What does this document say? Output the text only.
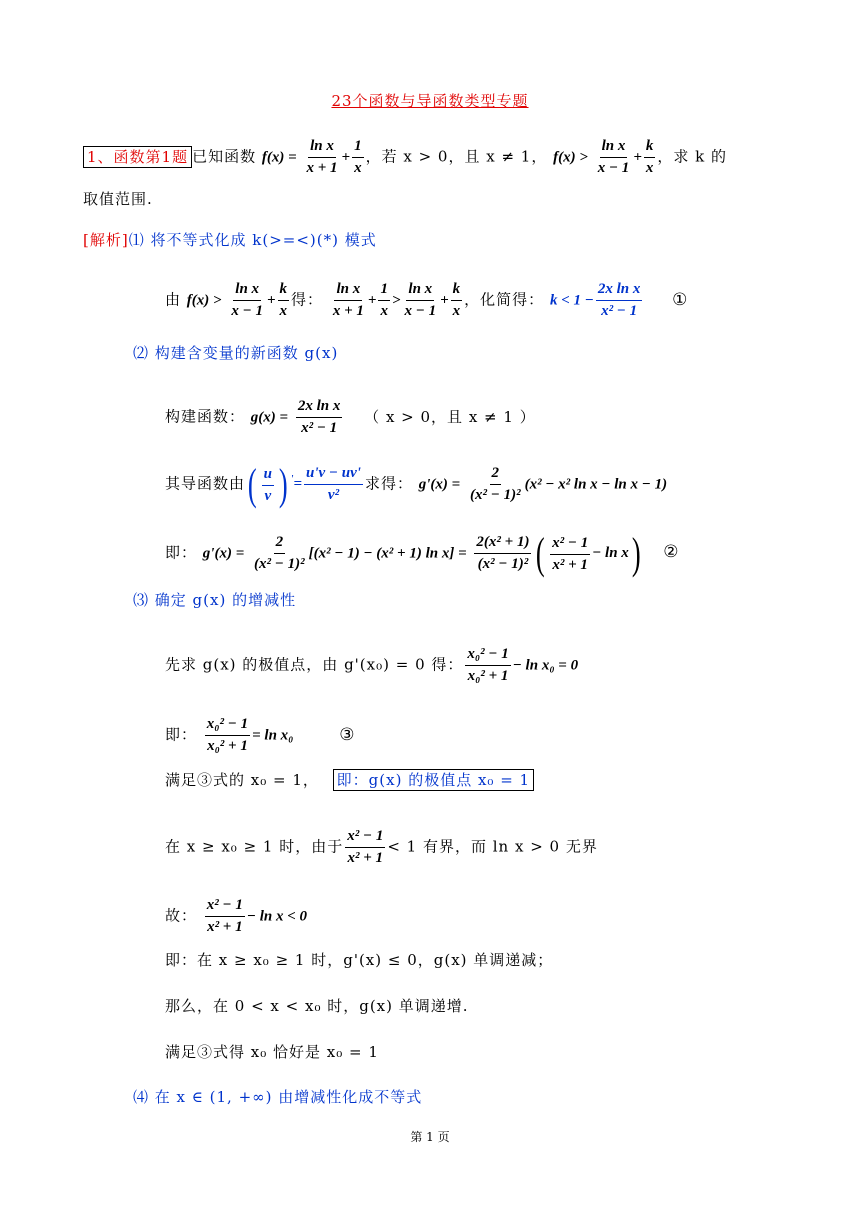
23个函数与导函数类型专题
1、函数第1题 已知函数 $f(x) = \frac{\text{ln x}}{x + 1} + \frac{1}{x}$ ，若 x > 0，且 x ≠ 1， $f(x) > \frac{\text{ln x}}{x - 1} + \frac{k}{x}$ ，求 k 的
取值范围.
[解析]⑴ 将不等式化成 k(>=<)(*) 模式
由 $f(x) > \frac{\text{ln x}}{x - 1} + \frac{k}{x}$ 得： $\frac{\text{ln x}}{x + 1} + \frac{1}{x} > \frac{\text{ln x}}{x - 1} + \frac{k}{x}$ ，化简得： $k < 1 - \frac{\text{2x ln x}}{\text{x² − 1}}$ ①
⑵ 构建含变量的新函数 g(x)
构建函数： $g(x) = \frac{\text{2x ln x}}{\text{x² − 1}}$ （ x > 0，且 x ≠ 1 ）
其导函数由( $\frac{u}{v}$ ) $'= \frac{u'v - uv'}{\text{v²}}$ 求得： $g'(x) = \frac{2}{\text{(x² − 1)²}} (x^2 - x^2$ ln x − ln x − 1)
即： $g'(x) = \frac{2}{\text{(x² − 1)²}} [(x^2 - 1) - (x^2 + 1)$ $\ln x] = \frac{\text{2(x² + 1)}}{\text{(x² − 1)²}}$ ( $\frac{\text{x² − 1}}{\text{x² + 1}} - \ln x$) ②
⑶ 确定 g(x) 的增减性
先求 g(x) 的极值点，由 g'(x₀) = 0 得： $\frac{\text{x₀² − 1}}{\text{x₀² + 1}} - \ln x_0 = 0$
即： $\frac{\text{x₀² − 1}}{\text{x₀² + 1}} = \ln x_0$	③
满足③式的 x₀ = 1， 即：g(x) 的极值点 x₀ = 1
在 x ≥ x₀ ≥ 1 时，由于 $\frac{\text{x² − 1}}{\text{x² + 1}} < 1$ 有界，而 ln x > 0 无界
故： $\frac{\text{x² − 1}}{\text{x² + 1}} - \ln x < 0$
即：在 x ≥ x₀ ≥ 1 时，g'(x) ≤ 0，g(x) 单调递减；
那么，在 0 < x < x₀ 时，g(x) 单调递增.
满足③式得 x₀ 恰好是 x₀ = 1
⑷ 在 x ∈ (1, +∞) 由增减性化成不等式
第 1 页
